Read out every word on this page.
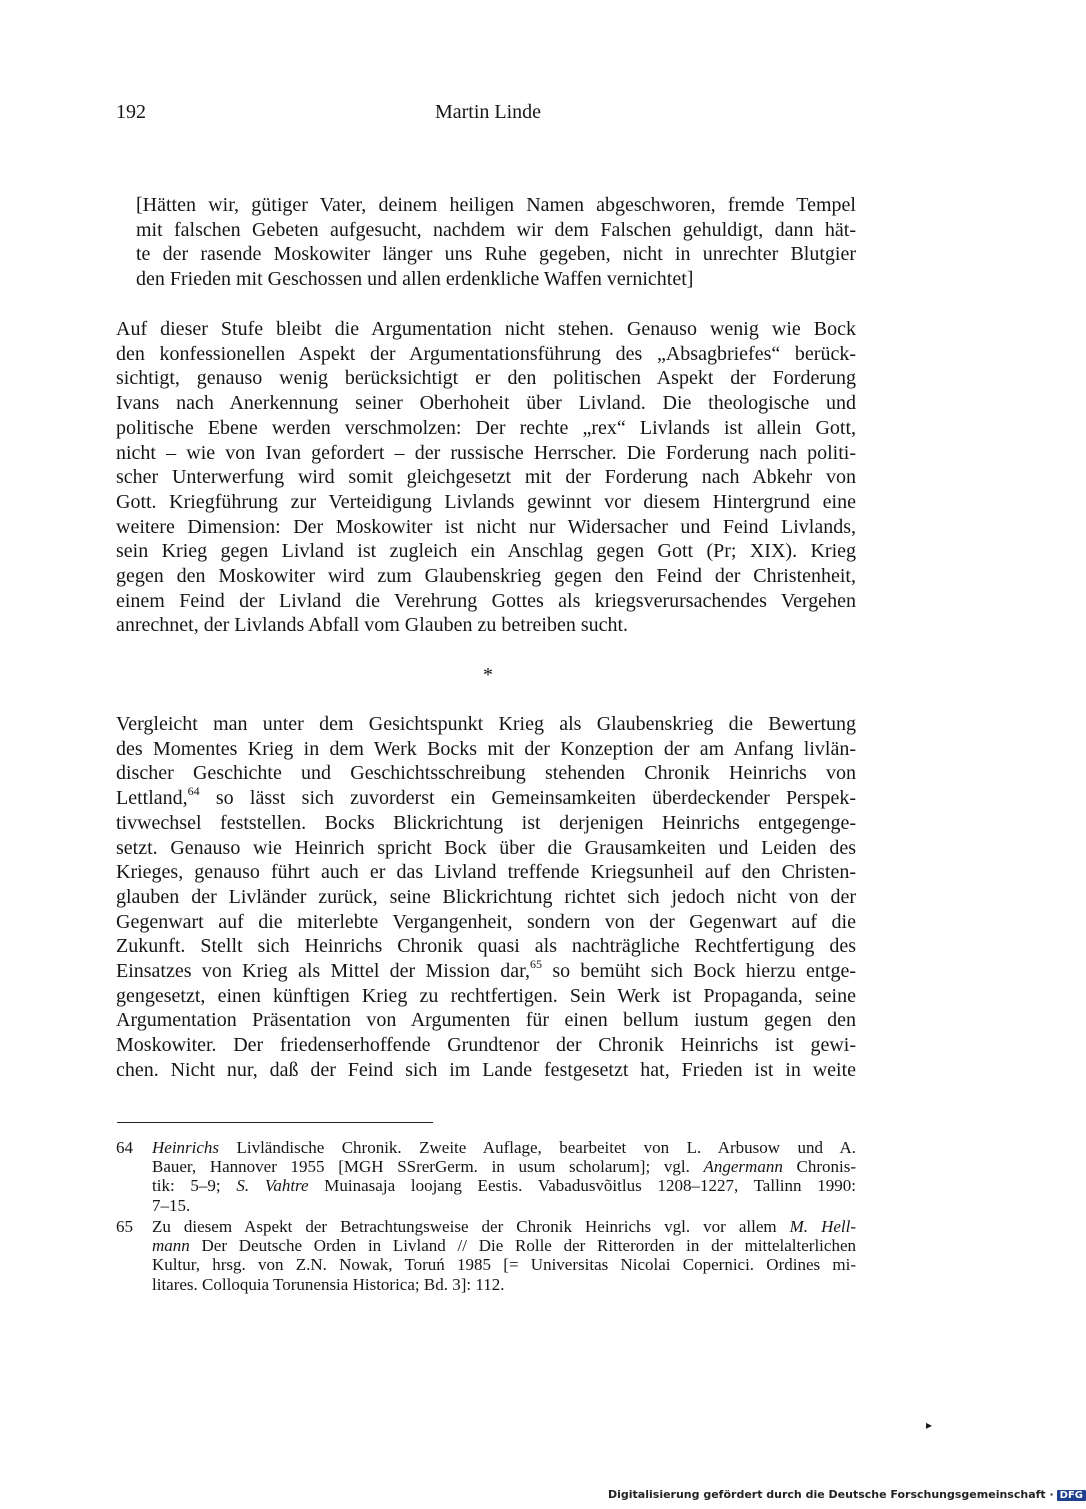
192	Martin Linde
[Hätten wir, gütiger Vater, deinem heiligen Namen abgeschworen, fremde Tempel
mit falschen Gebeten aufgesucht, nachdem wir dem Falschen gehuldigt, dann hät-
te der rasende Moskowiter länger uns Ruhe gegeben, nicht in unrechter Blutgier
den Frieden mit Geschossen und allen erdenkliche Waffen vernichtet]
Auf dieser Stufe bleibt die Argumentation nicht stehen. Genauso wenig wie Bock
den konfessionellen Aspekt der Argumentationsführung des „Absagbriefes“ berück-
sichtigt, genauso wenig berücksichtigt er den politischen Aspekt der Forderung
Ivans nach Anerkennung seiner Oberhoheit über Livland. Die theologische und
politische Ebene werden verschmolzen: Der rechte „rex“ Livlands ist allein Gott,
nicht – wie von Ivan gefordert – der russische Herrscher. Die Forderung nach politi-
scher Unterwerfung wird somit gleichgesetzt mit der Forderung nach Abkehr von
Gott. Kriegführung zur Verteidigung Livlands gewinnt vor diesem Hintergrund eine
weitere Dimension: Der Moskowiter ist nicht nur Widersacher und Feind Livlands,
sein Krieg gegen Livland ist zugleich ein Anschlag gegen Gott (Pr; XIX). Krieg
gegen den Moskowiter wird zum Glaubenskrieg gegen den Feind der Christenheit,
einem Feind der Livland die Verehrung Gottes als kriegsverursachendes Vergehen
anrechnet, der Livlands Abfall vom Glauben zu betreiben sucht.
*
Vergleicht man unter dem Gesichtspunkt Krieg als Glaubenskrieg die Bewertung
des Momentes Krieg in dem Werk Bocks mit der Konzeption der am Anfang livlän-
discher Geschichte und Geschichtsschreibung stehenden Chronik Heinrichs von
Lettland,$^{64}$ so lässt sich zuvorderst ein Gemeinsamkeiten überdeckender Perspek-
tivwechsel feststellen. Bocks Blickrichtung ist derjenigen Heinrichs entgegenge-
setzt. Genauso wie Heinrich spricht Bock über die Grausamkeiten und Leiden des
Krieges, genauso führt auch er das Livland treffende Kriegsunheil auf den Christen-
glauben der Livländer zurück, seine Blickrichtung richtet sich jedoch nicht von der
Gegenwart auf die miterlebte Vergangenheit, sondern von der Gegenwart auf die
Zukunft. Stellt sich Heinrichs Chronik quasi als nachträgliche Rechtfertigung des
Einsatzes von Krieg als Mittel der Mission dar,$^{65}$ so bemüht sich Bock hierzu entge-
gengesetzt, einen künftigen Krieg zu rechtfertigen. Sein Werk ist Propaganda, seine
Argumentation Präsentation von Argumenten für einen bellum iustum gegen den
Moskowiter. Der friedenserhoffende Grundtenor der Chronik Heinrichs ist gewi-
chen. Nicht nur, daß der Feind sich im Lande festgesetzt hat, Frieden ist in weite
64 Heinrichs Livländische Chronik. Zweite Auflage, bearbeitet von L. Arbusow und A.
Bauer, Hannover 1955 [MGH SSrerGerm. in usum scholarum]; vgl. Angermann Chronis-
tik: 5–9; S. Vahtre Muinasaja loojang Eestis. Vabadusvõitlus 1208–1227, Tallinn 1990:
7–15.
65 Zu diesem Aspekt der Betrachtungsweise der Chronik Heinrichs vgl. vor allem M. Hell-
mann Der Deutsche Orden in Livland // Die Rolle der Ritterorden in der mittelalterlichen
Kultur, hrsg. von Z.N. Nowak, Toruń 1985 [= Universitas Nicolai Copernici. Ordines mi-
litares. Colloquia Torunensia Historica; Bd. 3]: 112.
▸
Digitalisierung gefördert durch die Deutsche Forschungsgemeinschaft · DFG
